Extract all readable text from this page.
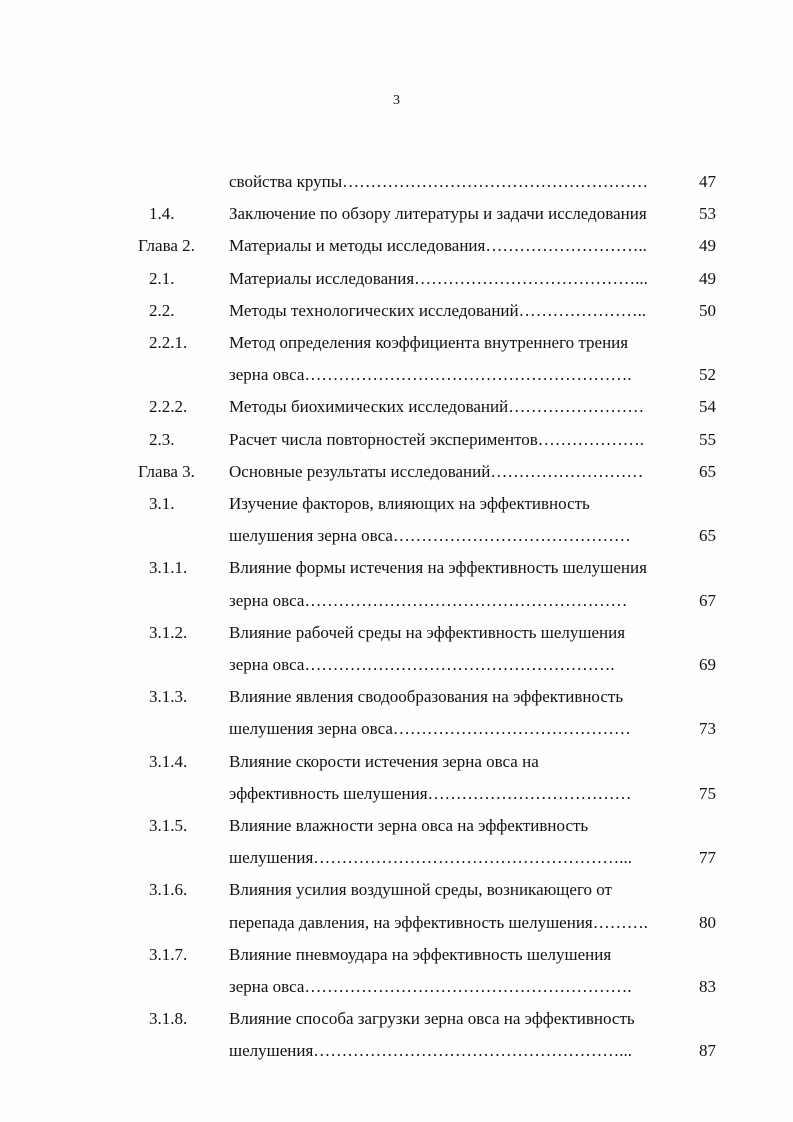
3
свойства крупы………………………………………………	47
1.4.	Заключение по обзору литературы и задачи исследования	53
Глава 2.	Материалы и методы исследования………………………..	49
2.1.	Материалы исследования…………………………………...	49
2.2.	Методы технологических исследований…………………..	50
2.2.1.	Метод определения коэффициента внутреннего трения
зерна овса………………………………………………….	52
2.2.2.	Методы биохимических исследований……………………	54
2.3.	Расчет числа повторностей экспериментов……………….	55
Глава 3.	Основные результаты исследований………………………	65
3.1.	Изучение факторов, влияющих на эффективность
шелушения зерна овса……………………………………	65
3.1.1.	Влияние формы истечения на эффективность шелушения
зерна овса…………………………………………………	67
3.1.2.	Влияние рабочей среды на эффективность шелушения
зерна овса……………………………………………….	69
3.1.3.	Влияние явления сводообразования на эффективность
шелушения зерна овса……………………………………	73
3.1.4.	Влияние скорости истечения зерна овса на
эффективность шелушения………………………………	75
3.1.5.	Влияние влажности зерна овса на эффективность
шелушения………………………………………………...	77
3.1.6.	Влияния усилия воздушной среды, возникающего от
перепада давления, на эффективность шелушения……….	80
3.1.7.	Влияние пневмоудара на эффективность шелушения
зерна овса………………………………………………….	83
3.1.8.	Влияние способа загрузки зерна овса на эффективность
шелушения………………………………………………...	87
